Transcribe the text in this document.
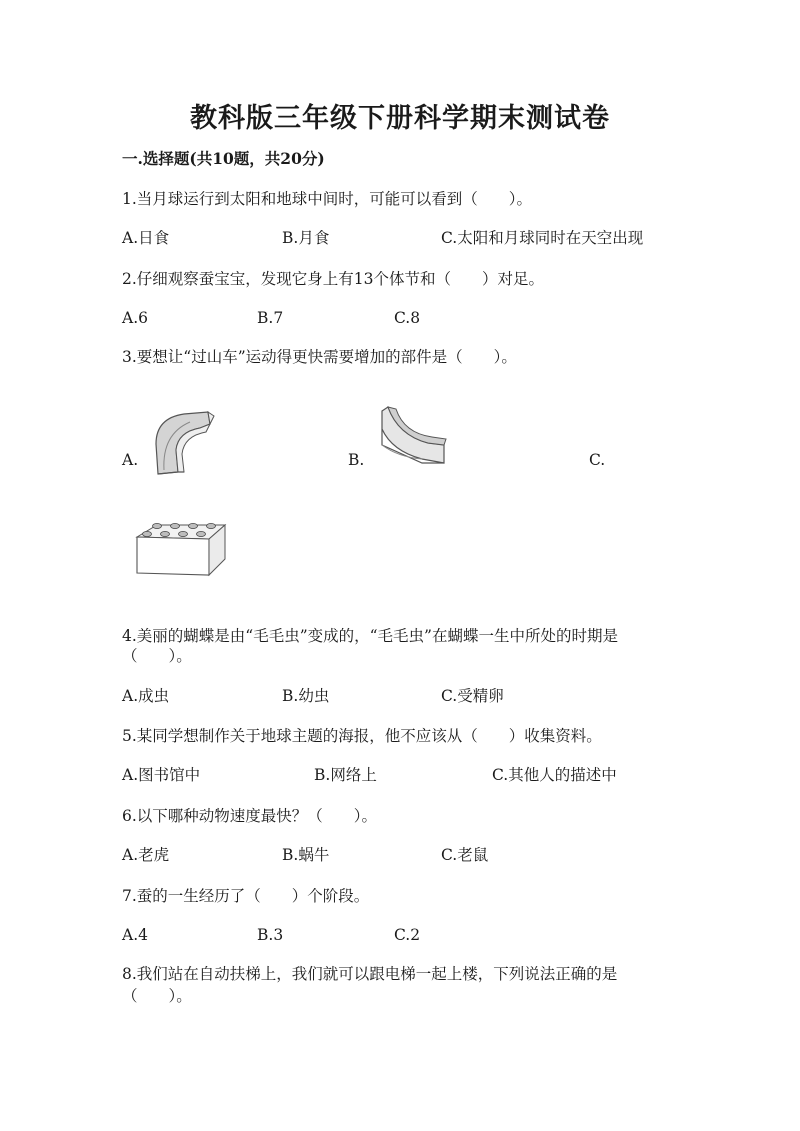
教科版三年级下册科学期末测试卷
一.选择题(共10题，共20分)
1.当月球运行到太阳和地球中间时，可能可以看到（　　）。
A.日食	B.月食	C.太阳和月球同时在天空出现
2.仔细观察蚕宝宝，发现它身上有13个体节和（　　）对足。
A.6	B.7	C.8
3.要想让“过山车”运动得更快需要增加的部件是（　　）。
A.	B.	C.
4.美丽的蝴蝶是由“毛毛虫”变成的，“毛毛虫”在蝴蝶一生中所处的时期是
（　　）。
A.成虫	B.幼虫	C.受精卵
5.某同学想制作关于地球主题的海报，他不应该从（　　）收集资料。
A.图书馆中	B.网络上	C.其他人的描述中
6.以下哪种动物速度最快？（　　）。
A.老虎	B.蜗牛	C.老鼠
7.蚕的一生经历了（　　）个阶段。
A.4	B.3	C.2
8.我们站在自动扶梯上，我们就可以跟电梯一起上楼，下列说法正确的是
（　　）。
